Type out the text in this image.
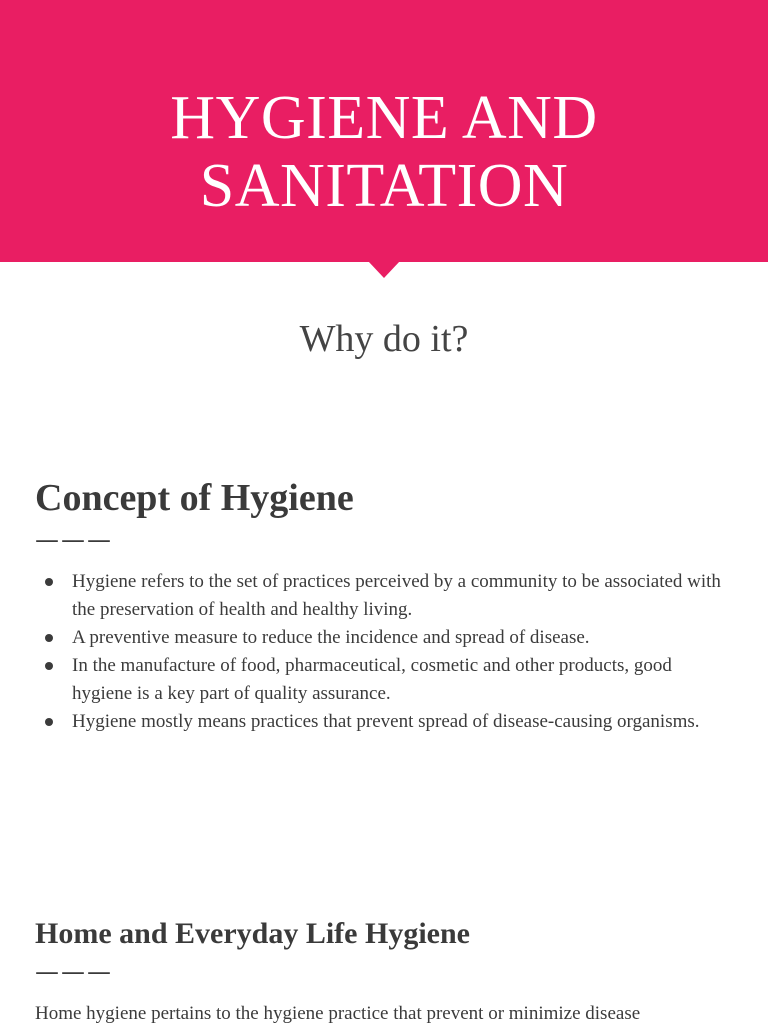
HYGIENE AND
SANITATION
Why do it?
Concept of Hygiene
———
Hygiene refers to the set of practices perceived by a community to be associated with the preservation of health and healthy living.
A preventive measure to reduce the incidence and spread of disease.
In the manufacture of food, pharmaceutical, cosmetic and other products, good hygiene is a key part of quality assurance.
Hygiene mostly means practices that prevent spread of disease-causing organisms.
Home and Everyday Life Hygiene
———

Home hygiene pertains to the hygiene practice that prevent or minimize disease
